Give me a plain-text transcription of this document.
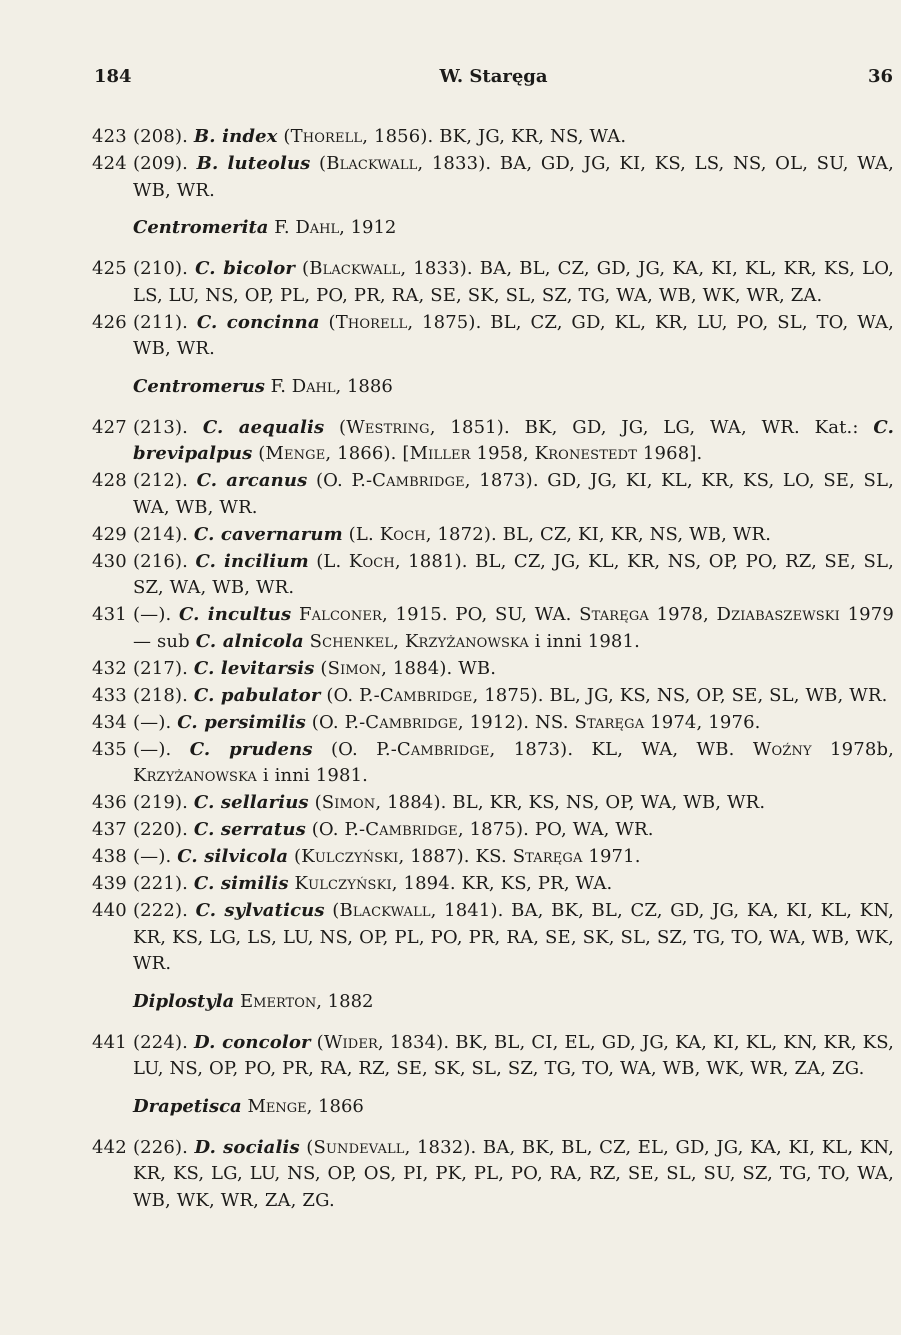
184	W. Staręga	36

423 (208). B. index (Thorell, 1856). BK, JG, KR, NS, WA.

424 (209). B. luteolus (Blackwall, 1833). BA, GD, JG, KI, KS, LS, NS, OL, SU, WA, WB, WR.

Centromerita F. Dahl, 1912

425 (210). C. bicolor (Blackwall, 1833). BA, BL, CZ, GD, JG, KA, KI, KL, KR, KS, LO, LS, LU, NS, OP, PL, PO, PR, RA, SE, SK, SL, SZ, TG, WA, WB, WK, WR, ZA.

426 (211). C. concinna (Thorell, 1875). BL, CZ, GD, KL, KR, LU, PO, SL, TO, WA, WB, WR.

Centromerus F. Dahl, 1886

427 (213). C. aequalis (Westring, 1851). BK, GD, JG, LG, WA, WR. Kat.: C. brevipalpus (Menge, 1866). [Miller 1958, Kronestedt 1968].

428 (212). C. arcanus (O. P.-Cambridge, 1873). GD, JG, KI, KL, KR, KS, LO, SE, SL, WA, WB, WR.

429 (214). C. cavernarum (L. Koch, 1872). BL, CZ, KI, KR, NS, WB, WR.

430 (216). C. incilium (L. Koch, 1881). BL, CZ, JG, KL, KR, NS, OP, PO, RZ, SE, SL, SZ, WA, WB, WR.

431 (—). C. incultus Falconer, 1915. PO, SU, WA. Staręga 1978, Dziabaszewski 1979 — sub C. alnicola Schenkel, Krzyżanowska i inni 1981.

432 (217). C. levitarsis (Simon, 1884). WB.

433 (218). C. pabulator (O. P.-Cambridge, 1875). BL, JG, KS, NS, OP, SE, SL, WB, WR.

434 (—). C. persimilis (O. P.-Cambridge, 1912). NS. Staręga 1974, 1976.

435 (—). C. prudens (O. P.-Cambridge, 1873). KL, WA, WB. Woźny 1978b, Krzyżanowska i inni 1981.

436 (219). C. sellarius (Simon, 1884). BL, KR, KS, NS, OP, WA, WB, WR.

437 (220). C. serratus (O. P.-Cambridge, 1875). PO, WA, WR.

438 (—). C. silvicola (Kulczyński, 1887). KS. Staręga 1971.

439 (221). C. similis Kulczyński, 1894. KR, KS, PR, WA.

440 (222). C. sylvaticus (Blackwall, 1841). BA, BK, BL, CZ, GD, JG, KA, KI, KL, KN, KR, KS, LG, LS, LU, NS, OP, PL, PO, PR, RA, SE, SK, SL, SZ, TG, TO, WA, WB, WK, WR.

Diplostyla Emerton, 1882

441 (224). D. concolor (Wider, 1834). BK, BL, CI, EL, GD, JG, KA, KI, KL, KN, KR, KS, LU, NS, OP, PO, PR, RA, RZ, SE, SK, SL, SZ, TG, TO, WA, WB, WK, WR, ZA, ZG.

Drapetisca Menge, 1866

442 (226). D. socialis (Sundevall, 1832). BA, BK, BL, CZ, EL, GD, JG, KA, KI, KL, KN, KR, KS, LG, LU, NS, OP, OS, PI, PK, PL, PO, RA, RZ, SE, SL, SU, SZ, TG, TO, WA, WB, WK, WR, ZA, ZG.
